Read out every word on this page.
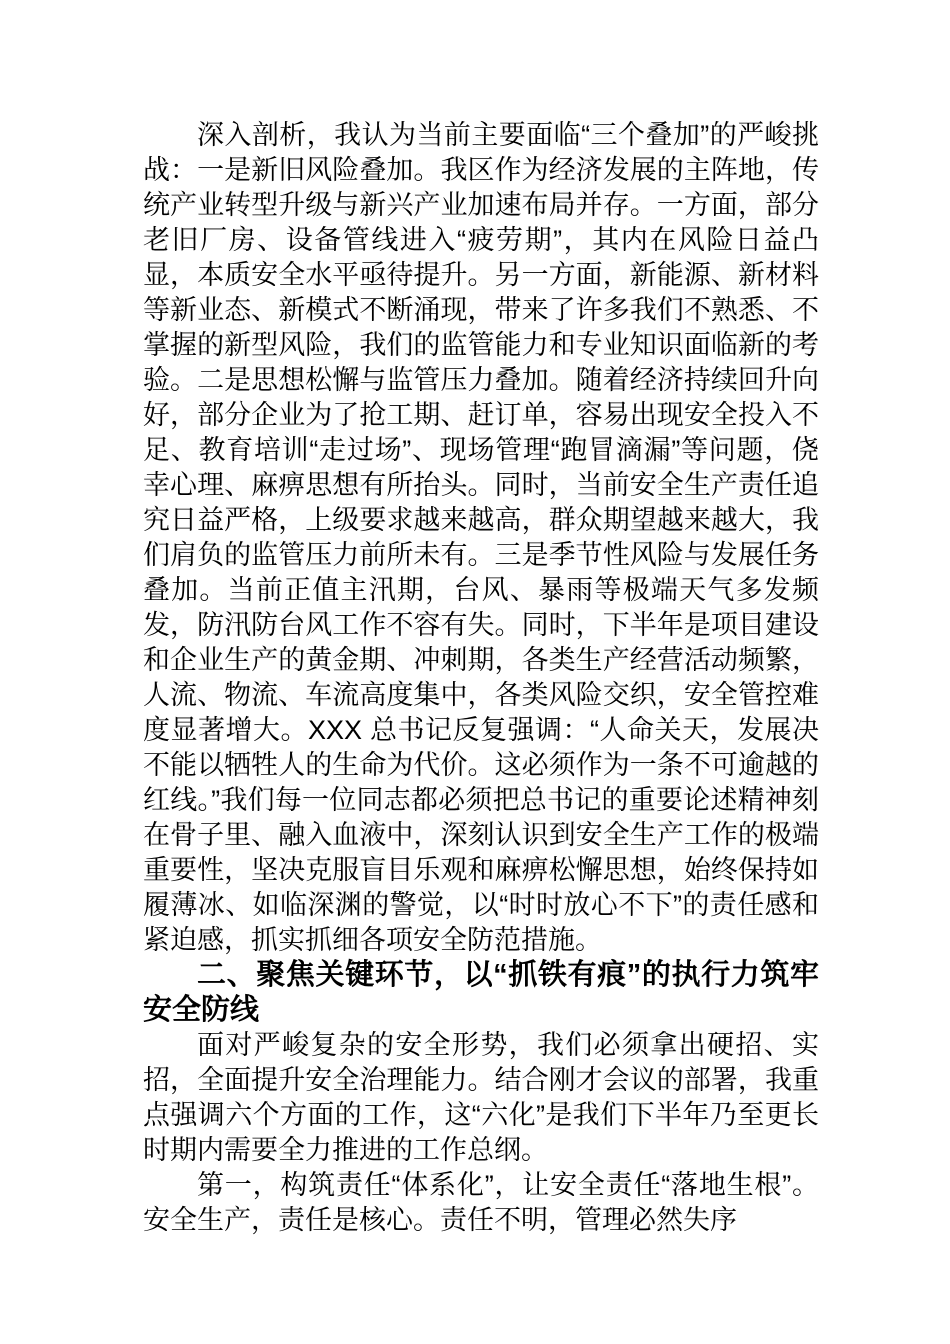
深入剖析，我认为当前主要面临“三个叠加”的严峻挑战：一是新旧风险叠加。我区作为经济发展的主阵地，传统产业转型升级与新兴产业加速布局并存。一方面，部分老旧厂房、设备管线进入“疲劳期”，其内在风险日益凸显，本质安全水平亟待提升。另一方面，新能源、新材料等新业态、新模式不断涌现，带来了许多我们不熟悉、不掌握的新型风险，我们的监管能力和专业知识面临新的考验。二是思想松懈与监管压力叠加。随着经济持续回升向好，部分企业为了抢工期、赶订单，容易出现安全投入不足、教育培训“走过场”、现场管理“跑冒滴漏”等问题，侥幸心理、麻痹思想有所抬头。同时，当前安全生产责任追究日益严格，上级要求越来越高，群众期望越来越大，我们肩负的监管压力前所未有。三是季节性风险与发展任务叠加。当前正值主汛期，台风、暴雨等极端天气多发频发，防汛防台风工作不容有失。同时，下半年是项目建设和企业生产的黄金期、冲刺期，各类生产经营活动频繁，人流、物流、车流高度集中，各类风险交织，安全管控难度显著增大。XXX 总书记反复强调：“人命关天，发展决不能以牺牲人的生命为代价。这必须作为一条不可逾越的红线。”我们每一位同志都必须把总书记的重要论述精神刻在骨子里、融入血液中，深刻认识到安全生产工作的极端重要性，坚决克服盲目乐观和麻痹松懈思想，始终保持如履薄冰、如临深渊的警觉，以“时时放心不下”的责任感和紧迫感，抓实抓细各项安全防范措施。

二、聚焦关键环节，以“抓铁有痕”的执行力筑牢安全防线

面对严峻复杂的安全形势，我们必须拿出硬招、实招，全面提升安全治理能力。结合刚才会议的部署，我重点强调六个方面的工作，这“六化”是我们下半年乃至更长时期内需要全力推进的工作总纲。

第一，构筑责任“体系化”，让安全责任“落地生根”。安全生产，责任是核心。责任不明，管理必然失序
